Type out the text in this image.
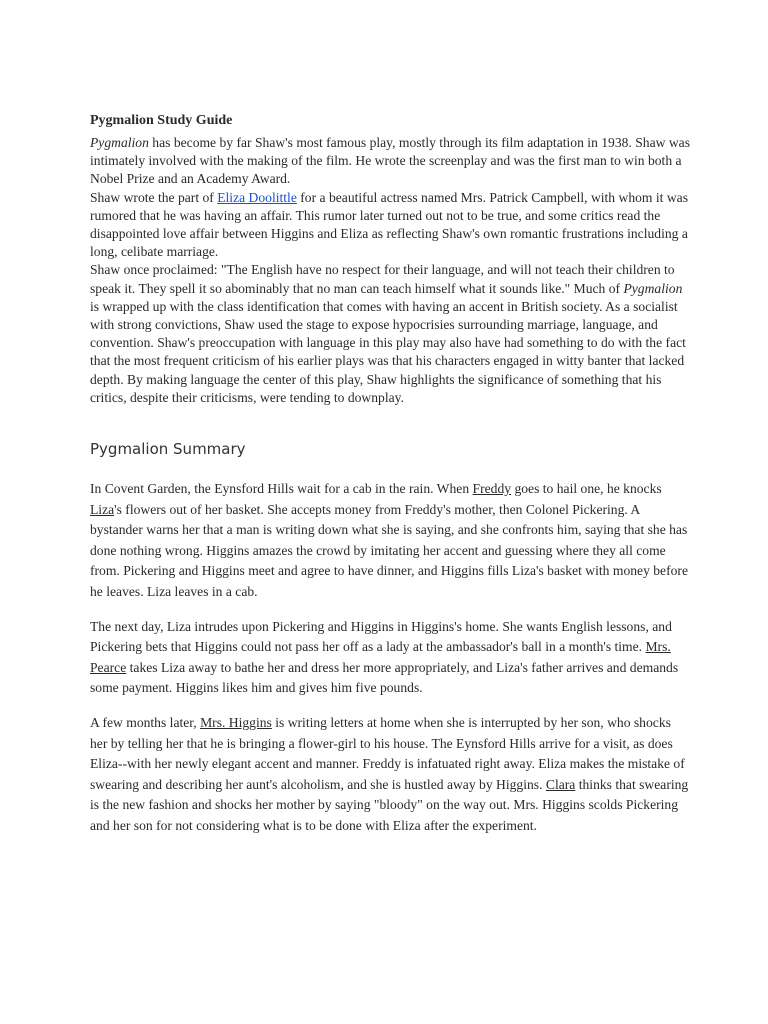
Pygmalion Study Guide

Pygmalion has become by far Shaw's most famous play, mostly through its film adaptation in 1938. Shaw was intimately involved with the making of the film. He wrote the screenplay and was the first man to win both a Nobel Prize and an Academy Award.

Shaw wrote the part of Eliza Doolittle for a beautiful actress named Mrs. Patrick Campbell, with whom it was rumored that he was having an affair. This rumor later turned out not to be true, and some critics read the disappointed love affair between Higgins and Eliza as reflecting Shaw's own romantic frustrations including a long, celibate marriage.

Shaw once proclaimed: "The English have no respect for their language, and will not teach their children to speak it. They spell it so abominably that no man can teach himself what it sounds like." Much of Pygmalion is wrapped up with the class identification that comes with having an accent in British society. As a socialist with strong convictions, Shaw used the stage to expose hypocrisies surrounding marriage, language, and convention. Shaw's preoccupation with language in this play may also have had something to do with the fact that the most frequent criticism of his earlier plays was that his characters engaged in witty banter that lacked depth. By making language the center of this play, Shaw highlights the significance of something that his critics, despite their criticisms, were tending to downplay.

Pygmalion Summary

In Covent Garden, the Eynsford Hills wait for a cab in the rain. When Freddy goes to hail one, he knocks Liza's flowers out of her basket. She accepts money from Freddy's mother, then Colonel Pickering. A bystander warns her that a man is writing down what she is saying, and she confronts him, saying that she has done nothing wrong. Higgins amazes the crowd by imitating her accent and guessing where they all come from. Pickering and Higgins meet and agree to have dinner, and Higgins fills Liza's basket with money before he leaves. Liza leaves in a cab.

The next day, Liza intrudes upon Pickering and Higgins in Higgins's home. She wants English lessons, and Pickering bets that Higgins could not pass her off as a lady at the ambassador's ball in a month's time. Mrs. Pearce takes Liza away to bathe her and dress her more appropriately, and Liza's father arrives and demands some payment. Higgins likes him and gives him five pounds.

A few months later, Mrs. Higgins is writing letters at home when she is interrupted by her son, who shocks her by telling her that he is bringing a flower-girl to his house. The Eynsford Hills arrive for a visit, as does Eliza--with her newly elegant accent and manner. Freddy is infatuated right away. Eliza makes the mistake of swearing and describing her aunt's alcoholism, and she is hustled away by Higgins. Clara thinks that swearing is the new fashion and shocks her mother by saying "bloody" on the way out. Mrs. Higgins scolds Pickering and her son for not considering what is to be done with Eliza after the experiment.
